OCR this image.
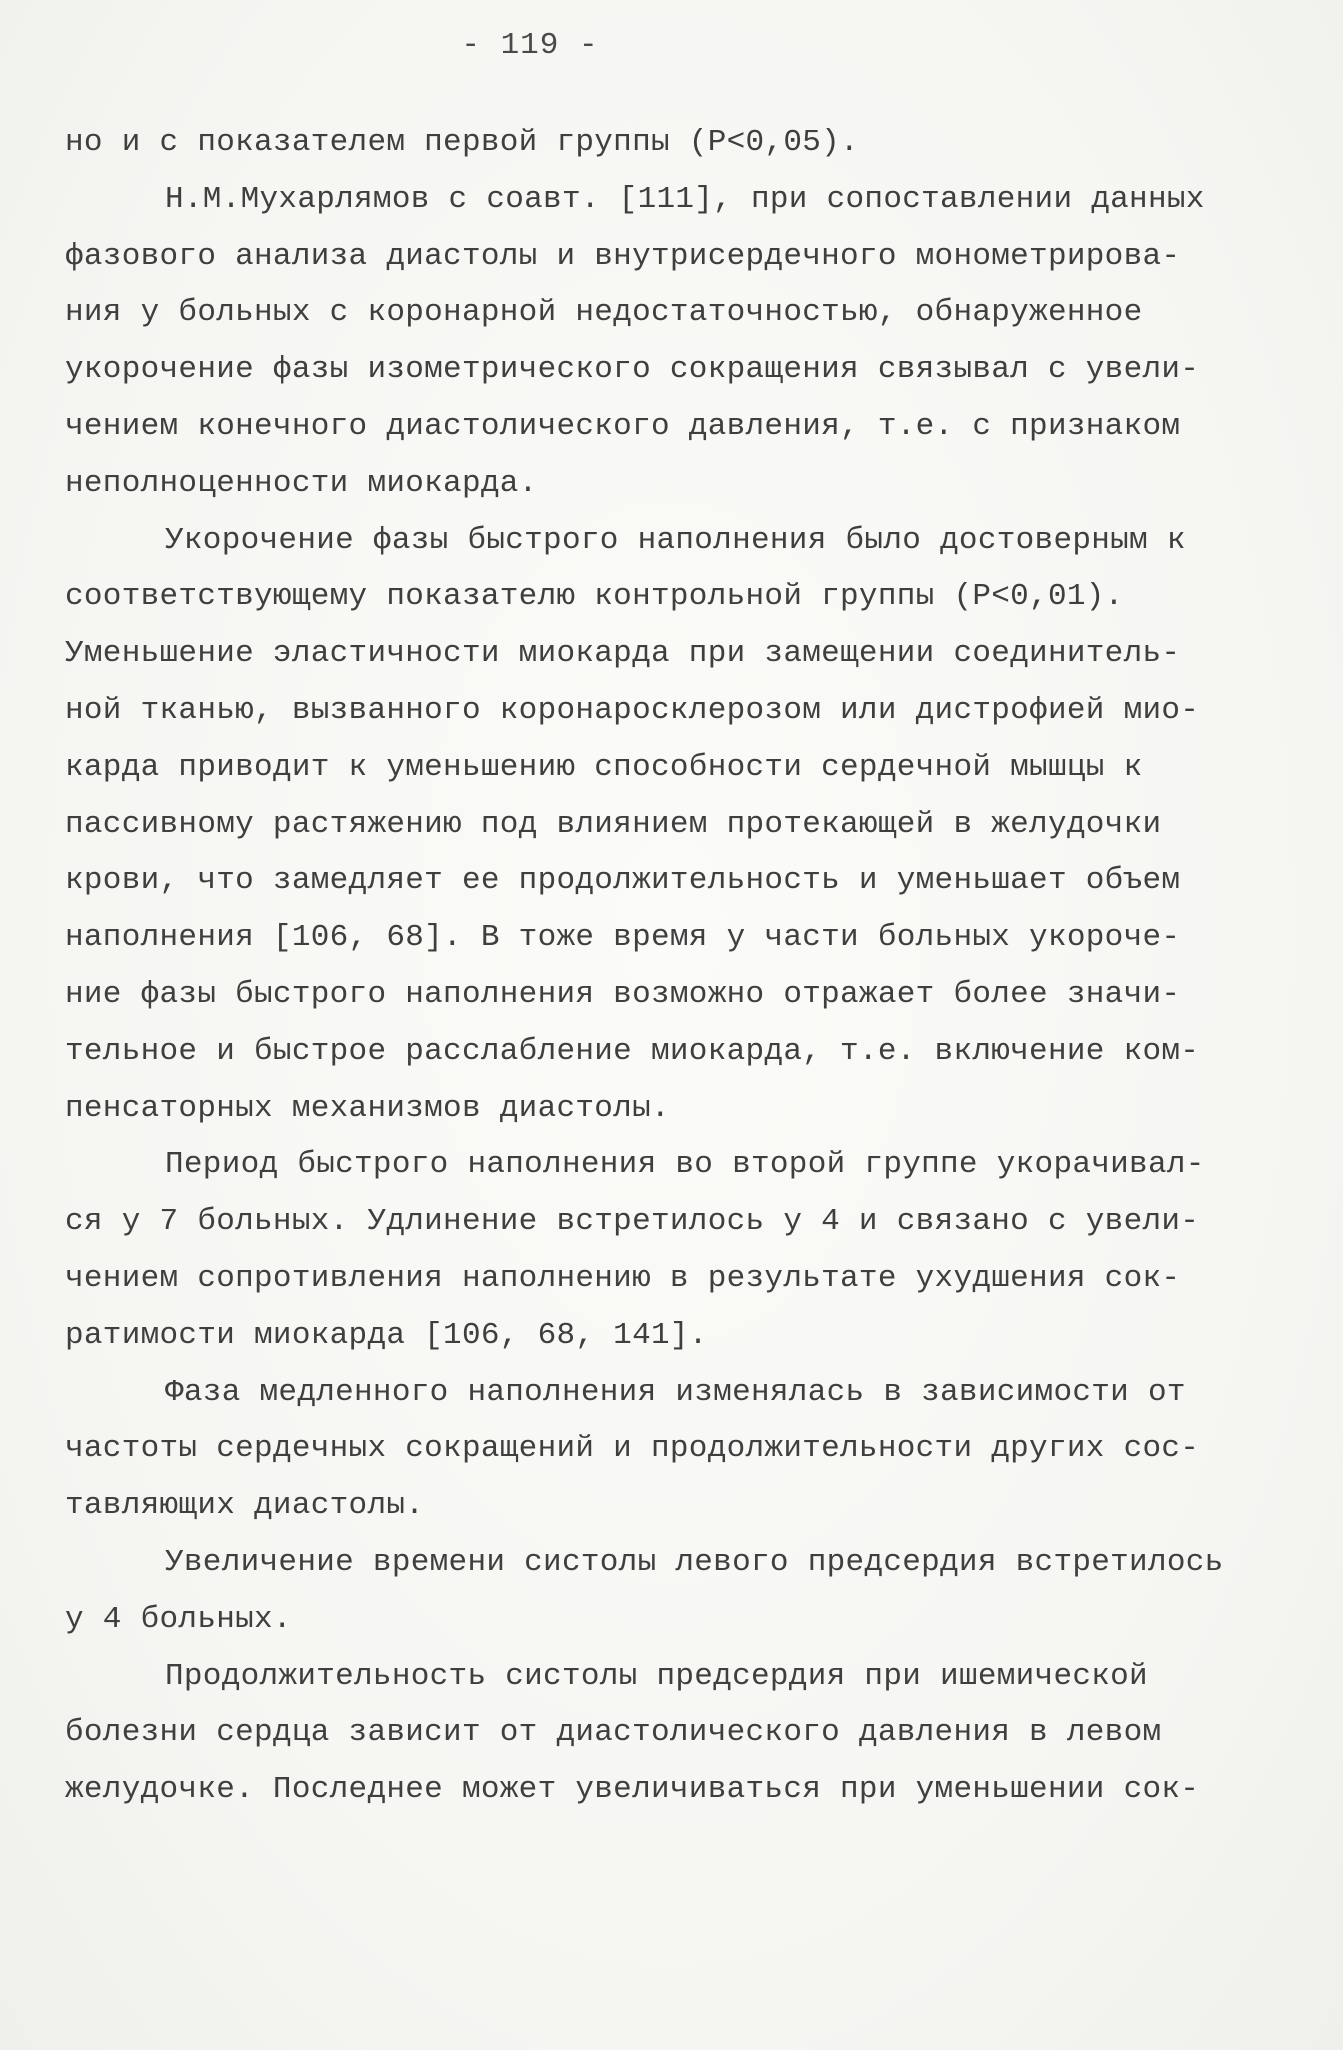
- 119 -
но и с показателем первой группы (P<0,05).
Н.М.Мухарлямов с соавт. [111], при сопоставлении данных
фазового анализа диастолы и внутрисердечного монометрирова-
ния у больных с коронарной недостаточностью, обнаруженное
укорочение фазы изометрического сокращения связывал с увели-
чением конечного диастолического давления, т.е. с признаком
неполноценности миокарда.
Укорочение фазы быстрого наполнения было достоверным к
соответствующему показателю контрольной группы (P<0,01).
Уменьшение эластичности миокарда при замещении соединитель-
ной тканью, вызванного коронаросклерозом или дистрофией мио-
карда приводит к уменьшению способности сердечной мышцы к
пассивному растяжению под влиянием протекающей в желудочки
крови, что замедляет ее продолжительность и уменьшает объем
наполнения [106, 68]. В тоже время у части больных укороче-
ние фазы быстрого наполнения возможно отражает более значи-
тельное и быстрое расслабление миокарда, т.е. включение ком-
пенсаторных механизмов диастолы.
Период быстрого наполнения во второй группе укорачивал-
ся у 7 больных. Удлинение встретилось у 4 и связано с увели-
чением сопротивления наполнению в результате ухудшения сок-
ратимости миокарда [106, 68, 141].
Фаза медленного наполнения изменялась в зависимости от
частоты сердечных сокращений и продолжительности других сос-
тавляющих диастолы.
Увеличение времени систолы левого предсердия встретилось
у 4 больных.
Продолжительность систолы предсердия при ишемической
болезни сердца зависит от диастолического давления в левом
желудочке. Последнее может увеличиваться при уменьшении сок-
